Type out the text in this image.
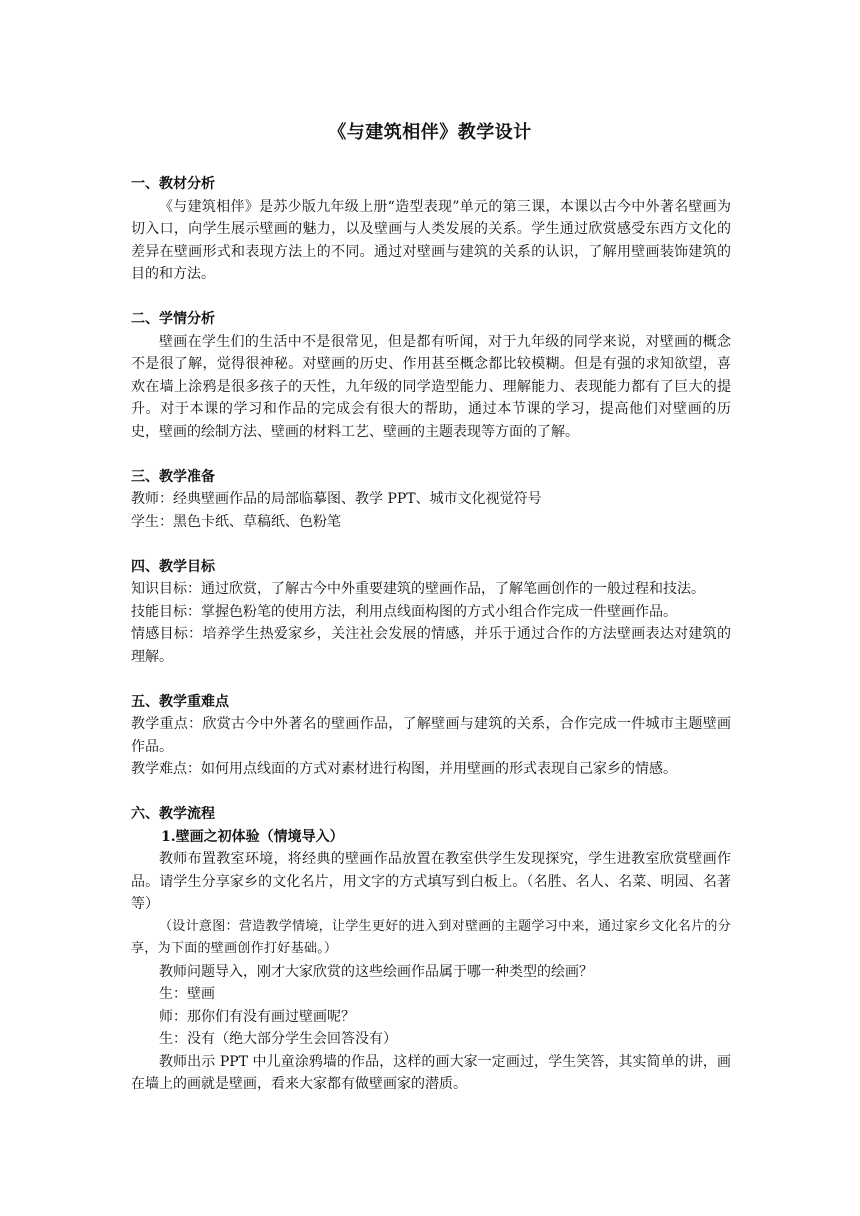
《与建筑相伴》教学设计

一、教材分析

《与建筑相伴》是苏少版九年级上册“造型表现”单元的第三课，本课以古今中外著名壁画为切入口，向学生展示壁画的魅力，以及壁画与人类发展的关系。学生通过欣赏感受东西方文化的差异在壁画形式和表现方法上的不同。通过对壁画与建筑的关系的认识，了解用壁画装饰建筑的目的和方法。

二、学情分析

壁画在学生们的生活中不是很常见，但是都有听闻，对于九年级的同学来说，对壁画的概念不是很了解，觉得很神秘。对壁画的历史、作用甚至概念都比较模糊。但是有强的求知欲望，喜欢在墙上涂鸦是很多孩子的天性，九年级的同学造型能力、理解能力、表现能力都有了巨大的提升。对于本课的学习和作品的完成会有很大的帮助，通过本节课的学习，提高他们对壁画的历史，壁画的绘制方法、壁画的材料工艺、壁画的主题表现等方面的了解。

三、教学准备

教师：经典壁画作品的局部临摹图、教学 PPT、城市文化视觉符号

学生：黑色卡纸、草稿纸、色粉笔

四、教学目标

知识目标：通过欣赏，了解古今中外重要建筑的壁画作品，了解笔画创作的一般过程和技法。

技能目标：掌握色粉笔的使用方法，利用点线面构图的方式小组合作完成一件壁画作品。

情感目标：培养学生热爱家乡，关注社会发展的情感，并乐于通过合作的方法壁画表达对建筑的理解。

五、教学重难点

教学重点：欣赏古今中外著名的壁画作品，了解壁画与建筑的关系，合作完成一件城市主题壁画作品。

教学难点：如何用点线面的方式对素材进行构图，并用壁画的形式表现自己家乡的情感。

六、教学流程

1.壁画之初体验（情境导入）

教师布置教室环境，将经典的壁画作品放置在教室供学生发现探究，学生进教室欣赏壁画作品。请学生分享家乡的文化名片，用文字的方式填写到白板上。（名胜、名人、名菜、明园、名著等）

（设计意图：营造教学情境，让学生更好的进入到对壁画的主题学习中来，通过家乡文化名片的分享，为下面的壁画创作打好基础。）

教师问题导入，刚才大家欣赏的这些绘画作品属于哪一种类型的绘画？

生：壁画

师：那你们有没有画过壁画呢？

生：没有（绝大部分学生会回答没有）

教师出示 PPT 中儿童涂鸦墙的作品，这样的画大家一定画过，学生笑答，其实简单的讲，画在墙上的画就是壁画，看来大家都有做壁画家的潜质。
